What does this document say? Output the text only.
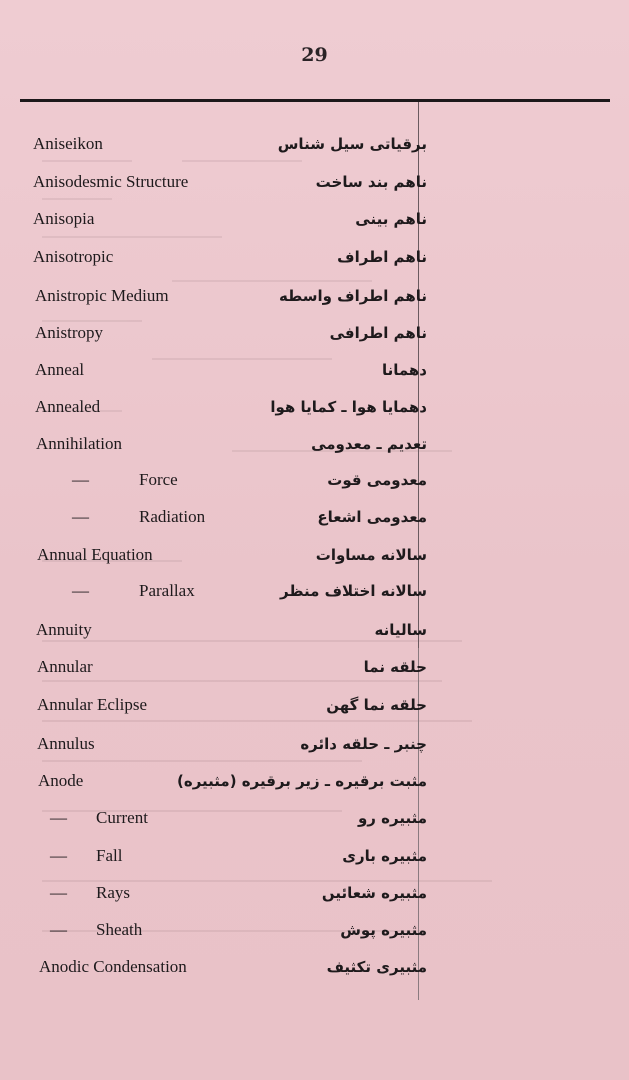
29
Aniseikon	برقیاتی سیل شناس
Anisodesmic Structure	ناهم بند ساخت
Anisopia	ناهم بینی
Anisotropic	ناهم اطراف
Anistropic Medium	ناهم اطراف واسطه
Anistropy	ناهم اطرافی
Anneal	دهمانا
Annealed	دهمایا هوا ـ کمایا هوا
Annihilation	تعدیم ـ معدومی
—	Force	معدومی قوت
—	Radiation	معدومی اشعاع
Annual Equation	سالانه مساوات
—	Parallax	سالانه اختلاف منظر
Annuity	سالیانه
Annular	حلقه نما
Annular Eclipse	حلقه نما گهن
Annulus	چنبر ـ حلقه دائره
Anode	مثبت برقیره ـ زیر برقیره (مثبیره)
— Current	مثبیره رو
— Fall	مثبیره باری
— Rays	مثبیره شعائیں
— Sheath	مثبیره پوش
Anodic Condensation	مثبیری تکثیف
